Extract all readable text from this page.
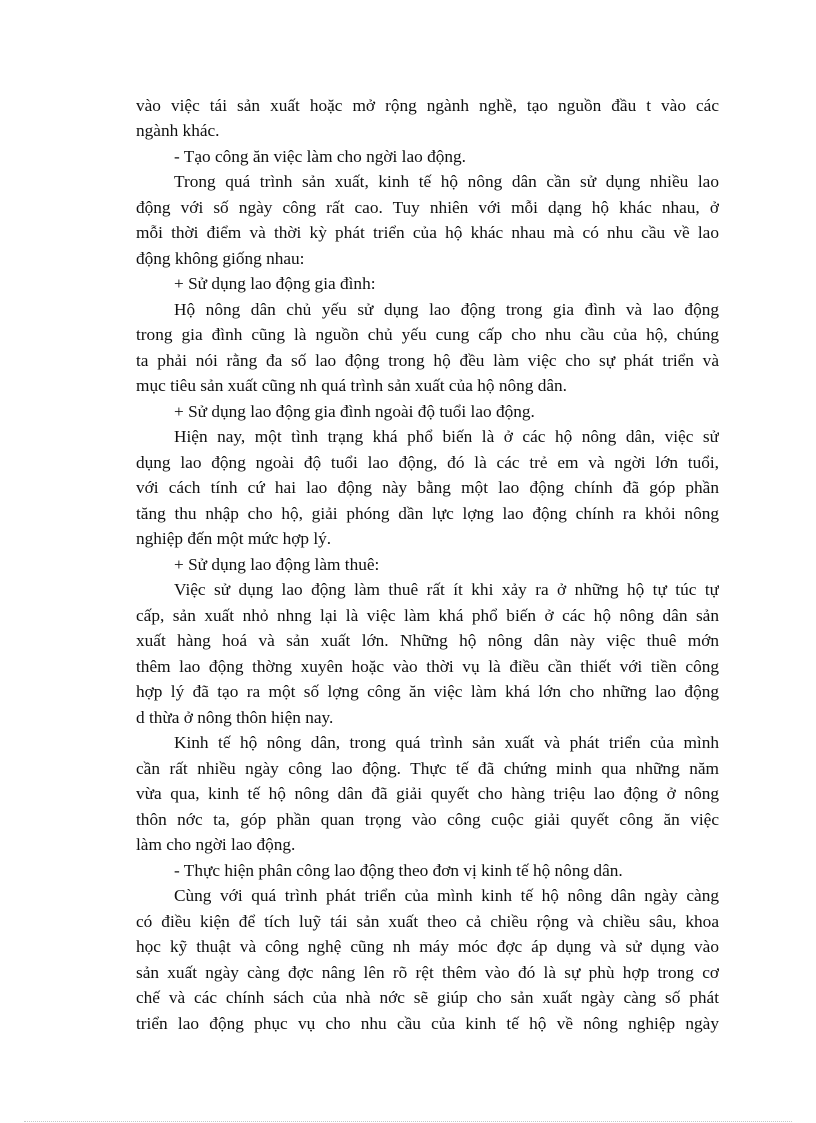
vào việc tái sản xuất hoặc mở rộng ngành nghề, tạo nguồn đầu t vào các
ngành khác.
- Tạo công ăn việc làm cho ngời lao động.
Trong quá trình sản xuất, kinh tế hộ nông dân cần sử dụng nhiều lao
động với số ngày công rất cao. Tuy nhiên với mỗi dạng hộ khác nhau, ở
mỗi thời điểm và thời kỳ phát triển của hộ khác nhau mà có nhu cầu về lao
động không giống nhau:
+ Sử dụng lao động gia đình:
Hộ nông dân chủ yếu sử dụng lao động trong gia đình và lao động
trong gia đình cũng là nguồn chủ yếu cung cấp cho nhu cầu của hộ, chúng
ta phải nói rằng đa số lao động trong hộ đều làm việc cho sự phát triển và
mục tiêu sản xuất cũng nh quá trình sản xuất của hộ nông dân.
+ Sử dụng lao động gia đình ngoài độ tuổi lao động.
Hiện nay, một tình trạng khá phổ biến là ở các hộ nông dân, việc sử
dụng lao động ngoài độ tuổi lao động, đó là các trẻ em và ngời lớn tuổi,
với cách tính cứ hai lao động này bằng một lao động chính đã góp phần
tăng thu nhập cho hộ, giải phóng dần lực lợng lao động chính ra khỏi nông
nghiệp đến một mức hợp lý.
+ Sử dụng lao động làm thuê:
Việc sử dụng lao động làm thuê rất ít khi xảy ra ở những hộ tự túc tự
cấp, sản xuất nhỏ nhng lại là việc làm khá phổ biến ở các hộ nông dân sản
xuất hàng hoá và sản xuất lớn. Những hộ nông dân này việc thuê mớn
thêm lao động thờng xuyên hoặc vào thời vụ là điều cần thiết với tiền công
hợp lý đã tạo ra một số lợng công ăn việc làm khá lớn cho những lao động
d thừa ở nông thôn hiện nay.
Kinh tế hộ nông dân, trong quá trình sản xuất và phát triển của mình
cần rất nhiều ngày công lao động. Thực tế đã chứng minh qua những năm
vừa qua, kinh tế hộ nông dân đã giải quyết cho hàng triệu lao động ở nông
thôn nớc ta, góp phần quan trọng vào công cuộc giải quyết công ăn việc
làm cho ngời lao động.
- Thực hiện phân công lao động theo đơn vị kinh tế hộ nông dân.
Cùng với quá trình phát triển của mình kinh tế hộ nông dân ngày càng
có điều kiện để tích luỹ tái sản xuất theo cả chiều rộng và chiều sâu, khoa
học kỹ thuật và công nghệ cũng nh máy móc đợc áp dụng và sử dụng vào
sản xuất ngày càng đợc nâng lên rõ rệt thêm vào đó là sự phù hợp trong cơ
chế và các chính sách của nhà nớc sẽ giúp cho sản xuất ngày càng số phát
triển lao động phục vụ cho nhu cầu của kinh tế hộ về nông nghiệp ngày
